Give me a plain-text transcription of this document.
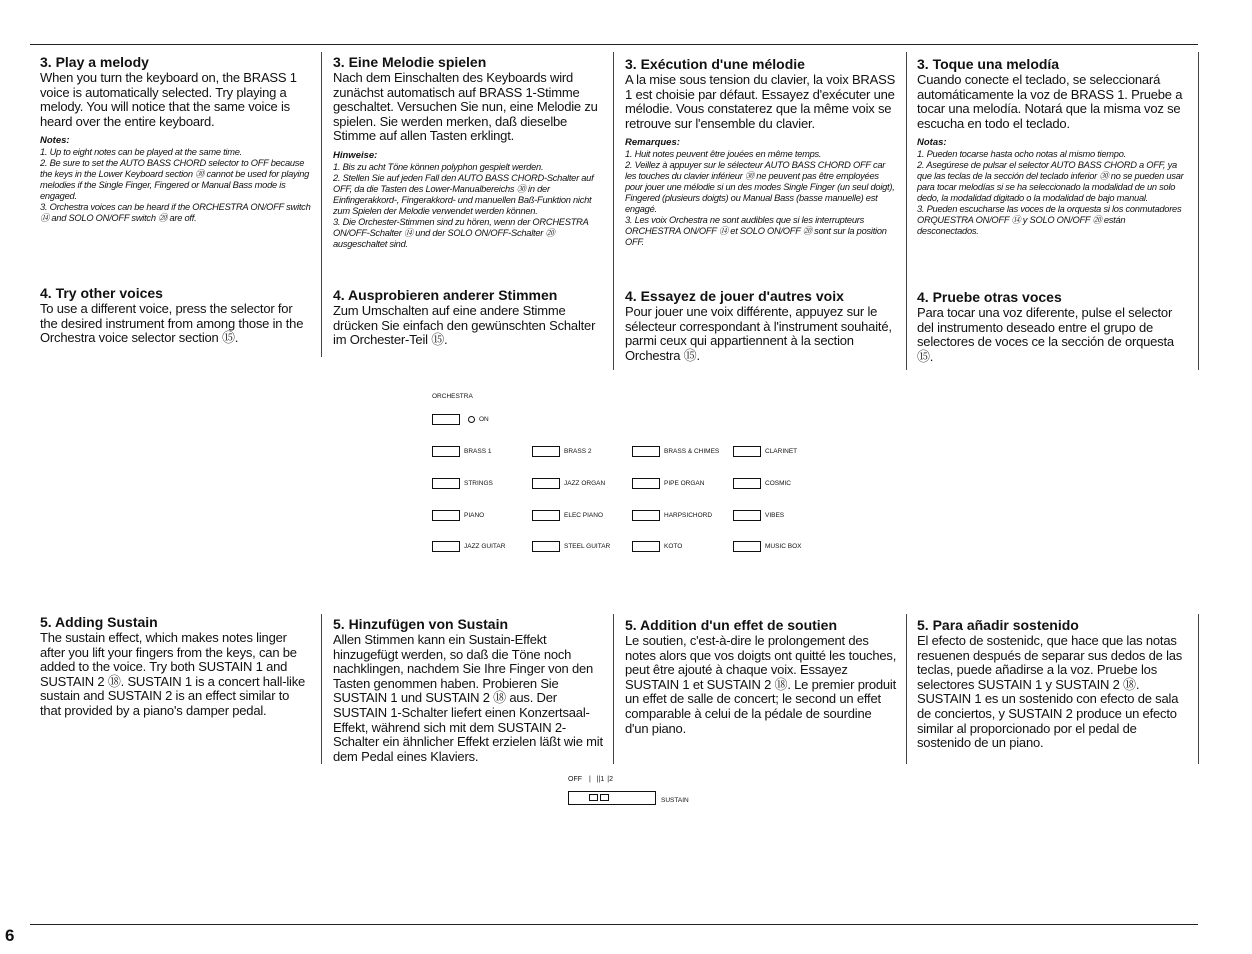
3. Play a melody

When you turn the keyboard on, the BRASS 1 voice is automatically selected. Try playing a melody. You will notice that the same voice is heard over the entire keyboard.

Notes:

1. Up to eight notes can be played at the same time.

2. Be sure to set the AUTO BASS CHORD selector to OFF because the keys in the Lower Keyboard section ㉚ cannot be used for playing melodies if the Single Finger, Fingered or Manual Bass mode is engaged.

3. Orchestra voices can be heard if the ORCHESTRA ON/OFF switch ⑭ and SOLO ON/OFF switch ⑳ are off.

3. Eine Melodie spielen

Nach dem Einschalten des Keyboards wird zunächst automatisch auf BRASS 1-Stimme geschaltet. Versuchen Sie nun, eine Melodie zu spielen. Sie werden merken, daß dieselbe Stimme auf allen Tasten erklingt.

Hinweise:

1. Bis zu acht Töne können polyphon gespielt werden.

2. Stellen Sie auf jeden Fall den AUTO BASS CHORD-Schalter auf OFF, da die Tasten des Lower-Manualbereichs ㉚ in der Einfingerakkord-, Fingerakkord- und manuellen Baß-Funktion nicht zum Spielen der Melodie verwendet werden können.

3. Die Orchester-Stimmen sind zu hören, wenn der ORCHESTRA ON/OFF-Schalter ⑭ und der SOLO ON/OFF-Schalter ⑳ ausgeschaltet sind.

3. Exécution d'une mélodie

A la mise sous tension du clavier, la voix BRASS 1 est choisie par défaut. Essayez d'exécuter une mélodie. Vous constaterez que la même voix se retrouve sur l'ensemble du clavier.

Remarques:

1. Huit notes peuvent être jouées en même temps.

2. Veillez à appuyer sur le sélecteur AUTO BASS CHORD OFF car les touches du clavier inférieur ㉚ ne peuvent pas être employées pour jouer une mélodie si un des modes Single Finger (un seul doigt), Fingered (plusieurs doigts) ou Manual Bass (basse manuelle) est engagé.

3. Les voix Orchestra ne sont audibles que si les interrupteurs ORCHESTRA ON/OFF ⑭ et SOLO ON/OFF ⑳ sont sur la position OFF.

3. Toque una melodía

Cuando conecte el teclado, se seleccionará automáticamente la voz de BRASS 1. Pruebe a tocar una melodía. Notará que la misma voz se escucha en todo el teclado.

Notas:

1. Pueden tocarse hasta ocho notas al mismo tiempo.

2. Asegúrese de pulsar el selector AUTO BASS CHORD a OFF, ya que las teclas de la sección del teclado inferior ㉚ no se pueden usar para tocar melodías si se ha seleccionado la modalidad de un solo dedo, la modalidad digitado o la modalidad de bajo manual.

3. Pueden escucharse las voces de la orquesta si los conmutadores ORQUESTRA ON/OFF ⑭ y SOLO ON/OFF ⑳ están desconectados.

4. Try other voices

To use a different voice, press the selector for the desired instrument from among those in the Orchestra voice selector section ⑮.

4. Ausprobieren anderer Stimmen

Zum Umschalten auf eine andere Stimme drücken Sie einfach den gewünschten Schalter im Orchester-Teil ⑮.

4. Essayez de jouer d'autres voix

Pour jouer une voix différente, appuyez sur le sélecteur correspondant à l'instrument souhaité, parmi ceux qui appartiennent à la section Orchestra ⑮.

4. Pruebe otras voces

Para tocar una voz diferente, pulse el selector del instrumento deseado entre el grupo de selectores de voces ce la sección de orquesta ⑮.

ORCHESTRA
ON
BRASS 1	BRASS 2	BRASS & CHIMES	CLARINET
STRINGS	JAZZ ORGAN	PIPE ORGAN	COSMIC
PIANO	ELEC PIANO	HARPSICHORD	VIBES
JAZZ GUITAR	STEEL GUITAR	KOTO	MUSIC BOX
5. Adding Sustain

The sustain effect, which makes notes linger after you lift your fingers from the keys, can be added to the voice. Try both SUSTAIN 1 and SUSTAIN 2 ⑱. SUSTAIN 1 is a concert hall-like sustain and SUSTAIN 2 is an effect similar to that provided by a piano's damper pedal.

5. Hinzufügen von Sustain

Allen Stimmen kann ein Sustain-Effekt hinzugefügt werden, so daß die Töne noch nachklingen, nachdem Sie Ihre Finger von den Tasten genommen haben. Probieren Sie SUSTAIN 1 und SUSTAIN 2 ⑱ aus. Der SUSTAIN 1-Schalter liefert einen Konzertsaal-Effekt, während sich mit dem SUSTAIN 2-Schalter ein ähnlicher Effekt erzielen läßt wie mit dem Pedal eines Klaviers.

5. Addition d'un effet de soutien

Le soutien, c'est-à-dire le prolongement des notes alors que vos doigts ont quitté les touches, peut être ajouté à chaque voix. Essayez SUSTAIN 1 et SUSTAIN 2 ⑱. Le premier produit un effet de salle de concert; le second un effet comparable à celui de la pédale de sourdine d'un piano.

5. Para añadir sostenido

El efecto de sostenidc, que hace que las notas resuenen después de separar sus dedos de las teclas, puede añadirse a la voz. Pruebe los selectores SUSTAIN 1 y SUSTAIN 2 ⑱. SUSTAIN 1 es un sostenido con efecto de sala de conciertos, y SUSTAIN 2 produce un efecto similar al proporcionado por el pedal de sostenido de un piano.

OFF | ||1 |2
SUSTAIN
6
